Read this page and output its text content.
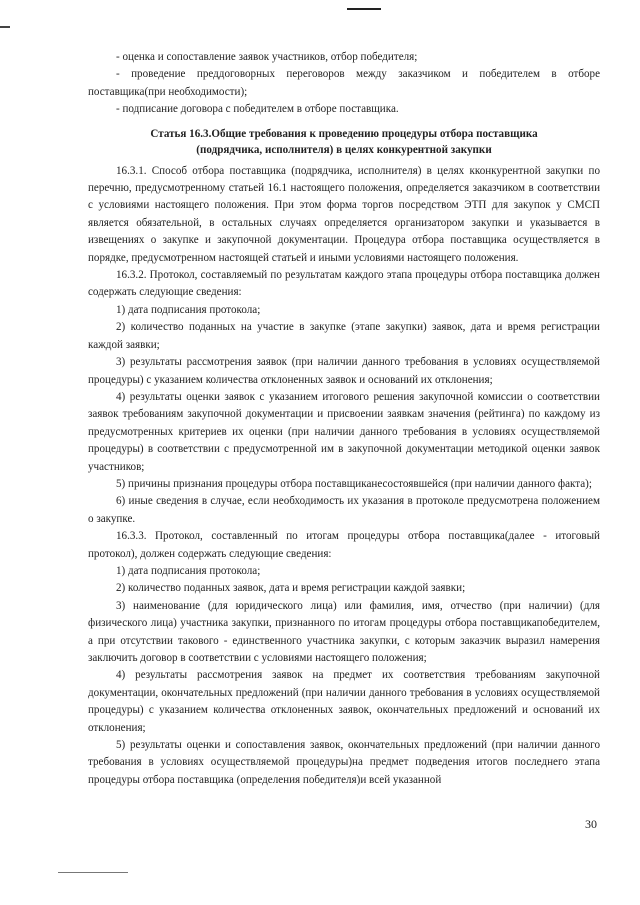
- оценка и сопоставление заявок участников, отбор победителя;

- проведение преддоговорных переговоров между заказчиком и победителем в отборе поставщика(при необходимости);

- подписание договора с победителем в отборе поставщика.

Статья 16.3.Общие требования к проведению процедуры отбора поставщика
(подрядчика, исполнителя) в целях конкурентной закупки

16.3.1. Способ отбора поставщика (подрядчика, исполнителя) в целях кконкурентной закупки по перечню, предусмотренному статьей 16.1 настоящего положения, определяется заказчиком в соответствии с условиями настоящего положения. При этом форма торгов посредством ЭТП для закупок у СМСП является обязательной, в остальных случаях определяется организатором закупки и указывается в извещениях о закупке и закупочной документации. Процедура отбора поставщика осуществляется в порядке, предусмотренном настоящей статьей и иными условиями настоящего положения.

16.3.2. Протокол, составляемый по результатам каждого этапа процедуры отбора поставщика должен содержать следующие сведения:

1) дата подписания протокола;

2) количество поданных на участие в закупке (этапе закупки) заявок, дата и время регистрации каждой заявки;

3) результаты рассмотрения заявок (при наличии данного требования в условиях осуществляемой процедуры) с указанием количества отклоненных заявок и оснований их отклонения;

4) результаты оценки заявок с указанием итогового решения закупочной комиссии о соответствии заявок требованиям закупочной документации и присвоении заявкам значения (рейтинга) по каждому из предусмотренных критериев их оценки (при наличии данного требования в условиях осуществляемой процедуры) в соответствии с предусмотренной им в закупочной документации методикой оценки заявок участников;

5) причины признания процедуры отбора поставщиканесостоявшейся (при наличии данного факта);

6) иные сведения в случае, если необходимость их указания в протоколе предусмотрена положением о закупке.

16.3.3. Протокол, составленный по итогам процедуры отбора поставщика(далее - итоговый протокол), должен содержать следующие сведения:

1) дата подписания протокола;

2) количество поданных заявок, дата и время регистрации каждой заявки;

3) наименование (для юридического лица) или фамилия, имя, отчество (при наличии) (для физического лица) участника закупки, признанного по итогам процедуры отбора поставщикапобедителем, а при отсутствии такового - единственного участника закупки, с которым заказчик выразил намерения заключить договор в соответствии с условиями настоящего положения;

4) результаты рассмотрения заявок на предмет их соответствия требованиям закупочной документации, окончательных предложений (при наличии данного требования в условиях осуществляемой процедуры) с указанием количества отклоненных заявок, окончательных предложений и оснований их отклонения;

5) результаты оценки и сопоставления заявок, окончательных предложений (при наличии данного требования в условиях осуществляемой процедуры)на предмет подведения итогов последнего этапа процедуры отбора поставщика (определения победителя)и всей указанной

30
